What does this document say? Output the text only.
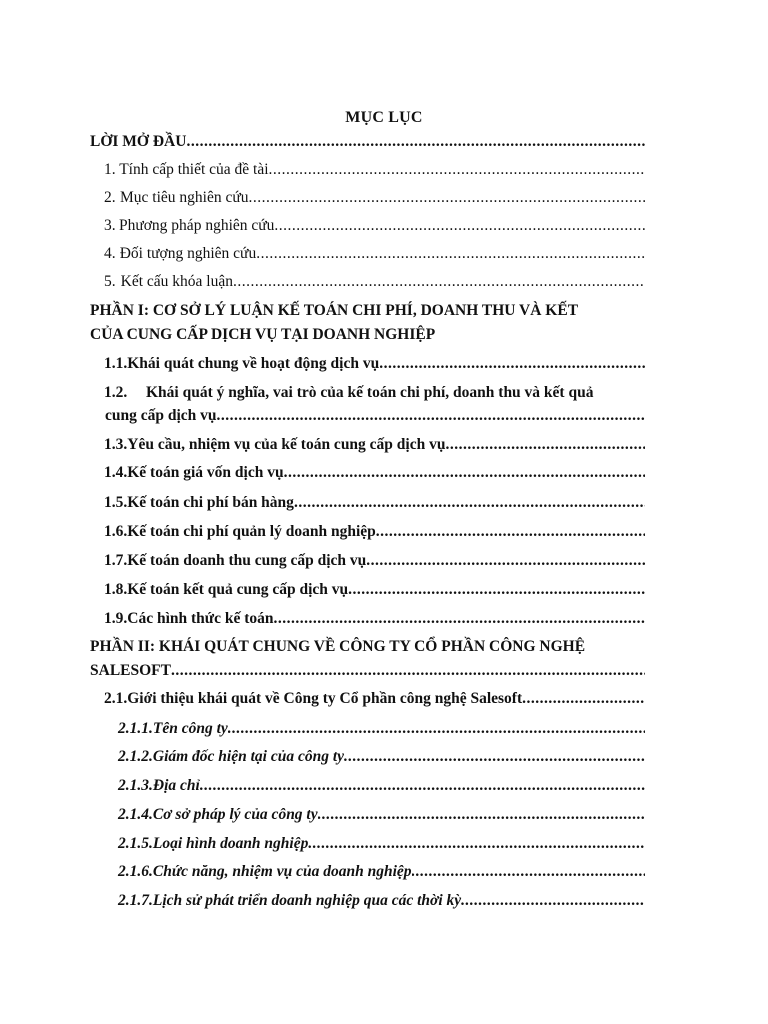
MỤC LỤC
LỜI MỞ ĐẦU
.....
1. Tính cấp thiết của đề tài
.....
2. Mục tiêu nghiên cứu
.....
3. Phương pháp nghiên cứu
.....
4. Đối tượng nghiên cứu
.....
5. Kết cấu khóa luận
.....
PHẦN I: CƠ SỞ LÝ LUẬN KẾ TOÁN CHI PHÍ, DOANH THU VÀ KẾT
CỦA CUNG CẤP DỊCH VỤ TẠI DOANH NGHIỆP
1.1. Khái quát chung về hoạt động dịch vụ
.....
1.2.	Khái quát ý nghĩa, vai trò của kế toán chi phí, doanh thu và kết quả
cung cấp dịch vụ
.....
1.3. Yêu cầu, nhiệm vụ của kế toán cung cấp dịch vụ
.....
1.4. Kế toán giá vốn dịch vụ
.....
1.5. Kế toán chi phí bán hàng
.....
1.6. Kế toán chi phí quản lý doanh nghiệp
.....
1.7. Kế toán doanh thu cung cấp dịch vụ
.....
1.8. Kế toán kết quả cung cấp dịch vụ
.....
1.9. Các hình thức kế toán
.....
PHẦN II: KHÁI QUÁT CHUNG VỀ CÔNG TY CỔ PHẦN CÔNG NGHỆ
SALESOFT
.....
2.1. Giới thiệu khái quát về Công ty Cổ phần công nghệ Salesoft
.....
2.1.1. Tên công ty
.....
2.1.2. Giám đốc hiện tại của công ty
.....
2.1.3. Địa chỉ
.....
2.1.4. Cơ sở pháp lý của công ty
.....
2.1.5. Loại hình doanh nghiệp
.....
2.1.6. Chức năng, nhiệm vụ của doanh nghiệp
.....
2.1.7. Lịch sử phát triển doanh nghiệp qua các thời kỳ
.....
